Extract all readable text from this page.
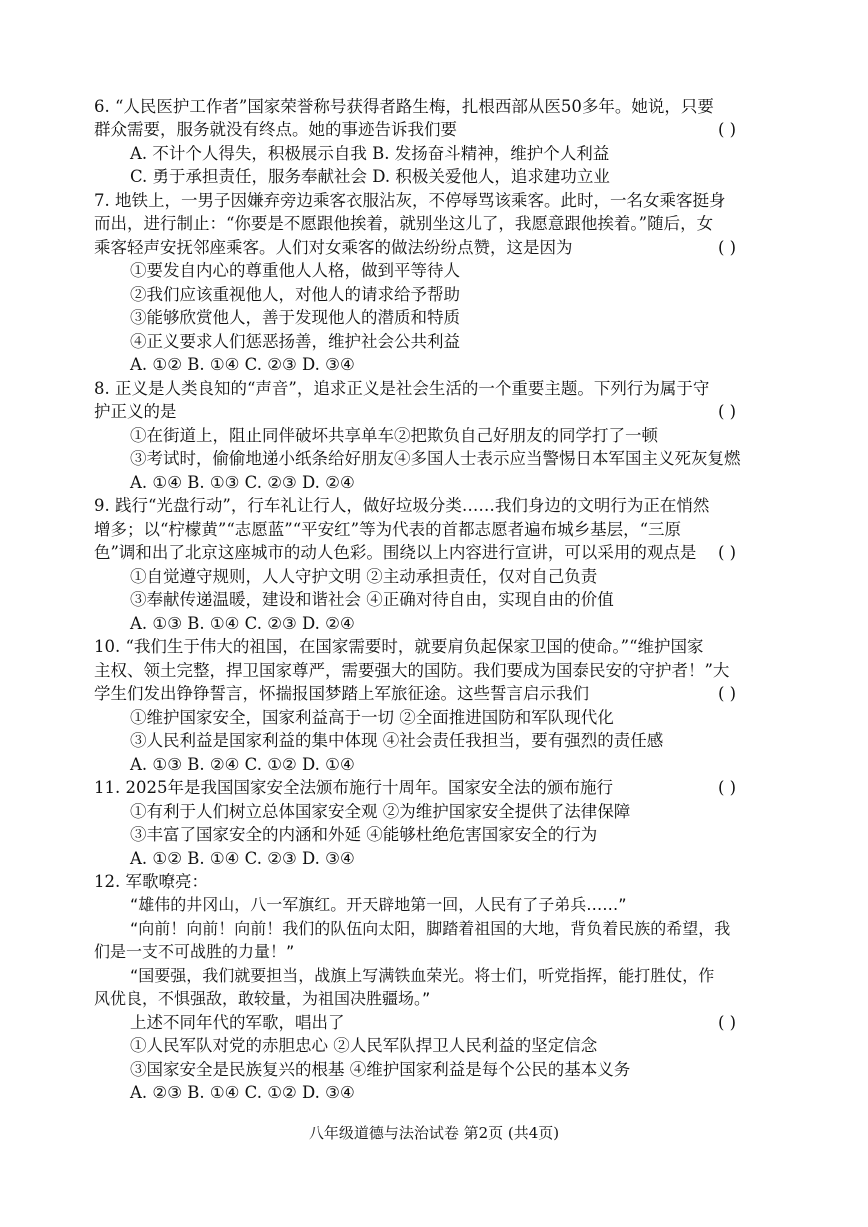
6. “人民医护工作者”国家荣誉称号获得者路生梅，扎根西部从医50多年。她说，只要
群众需要，服务就没有终点。她的事迹告诉我们要	( )
A. 不计个人得失，积极展示自我 B. 发扬奋斗精神，维护个人利益
C. 勇于承担责任，服务奉献社会 D. 积极关爱他人，追求建功立业
7. 地铁上，一男子因嫌弃旁边乘客衣服沾灰，不停辱骂该乘客。此时，一名女乘客挺身
而出，进行制止：“你要是不愿跟他挨着，就别坐这儿了，我愿意跟他挨着。”随后，女
乘客轻声安抚邻座乘客。人们对女乘客的做法纷纷点赞，这是因为	( )
①要发自内心的尊重他人人格，做到平等待人
②我们应该重视他人，对他人的请求给予帮助
③能够欣赏他人，善于发现他人的潜质和特质
④正义要求人们惩恶扬善，维护社会公共利益
A. ①② B. ①④ C. ②③ D. ③④
8. 正义是人类良知的“声音”，追求正义是社会生活的一个重要主题。下列行为属于守
护正义的是	( )
①在街道上，阻止同伴破坏共享单车②把欺负自己好朋友的同学打了一顿
③考试时，偷偷地递小纸条给好朋友④多国人士表示应当警惕日本军国主义死灰复燃
A. ①④ B. ①③ C. ②③ D. ②④
9. 践行“光盘行动”，行车礼让行人，做好垃圾分类……我们身边的文明行为正在悄然
增多；以“柠檬黄”“志愿蓝”“平安红”等为代表的首都志愿者遍布城乡基层，“三原
色”调和出了北京这座城市的动人色彩。围绕以上内容进行宣讲，可以采用的观点是 ( )
①自觉遵守规则，人人守护文明 ②主动承担责任，仅对自己负责
③奉献传递温暖，建设和谐社会 ④正确对待自由，实现自由的价值
A. ①③ B. ①④ C. ②③ D. ②④
10. “我们生于伟大的祖国，在国家需要时，就要肩负起保家卫国的使命。”“维护国家
主权、领土完整，捍卫国家尊严，需要强大的国防。我们要成为国泰民安的守护者！”大
学生们发出铮铮誓言，怀揣报国梦踏上军旅征途。这些誓言启示我们	( )
①维护国家安全，国家利益高于一切 ②全面推进国防和军队现代化
③人民利益是国家利益的集中体现 ④社会责任我担当，要有强烈的责任感
A. ①③ B. ②④ C. ①② D. ①④
11. 2025年是我国国家安全法颁布施行十周年。国家安全法的颁布施行	( )
①有利于人们树立总体国家安全观 ②为维护国家安全提供了法律保障
③丰富了国家安全的内涵和外延 ④能够杜绝危害国家安全的行为
A. ①② B. ①④ C. ②③ D. ③④
12. 军歌嘹亮：
“雄伟的井冈山，八一军旗红。开天辟地第一回，人民有了子弟兵……”
“向前！向前！向前！我们的队伍向太阳，脚踏着祖国的大地，背负着民族的希望，我
们是一支不可战胜的力量！”
“国要强，我们就要担当，战旗上写满铁血荣光。将士们，听党指挥，能打胜仗，作
风优良，不惧强敌，敢较量，为祖国决胜疆场。”
上述不同年代的军歌，唱出了	( )
①人民军队对党的赤胆忠心 ②人民军队捍卫人民利益的坚定信念
③国家安全是民族复兴的根基 ④维护国家利益是每个公民的基本义务
A. ②③ B. ①④ C. ①② D. ③④
八年级道德与法治试卷 第2页 (共4页)
